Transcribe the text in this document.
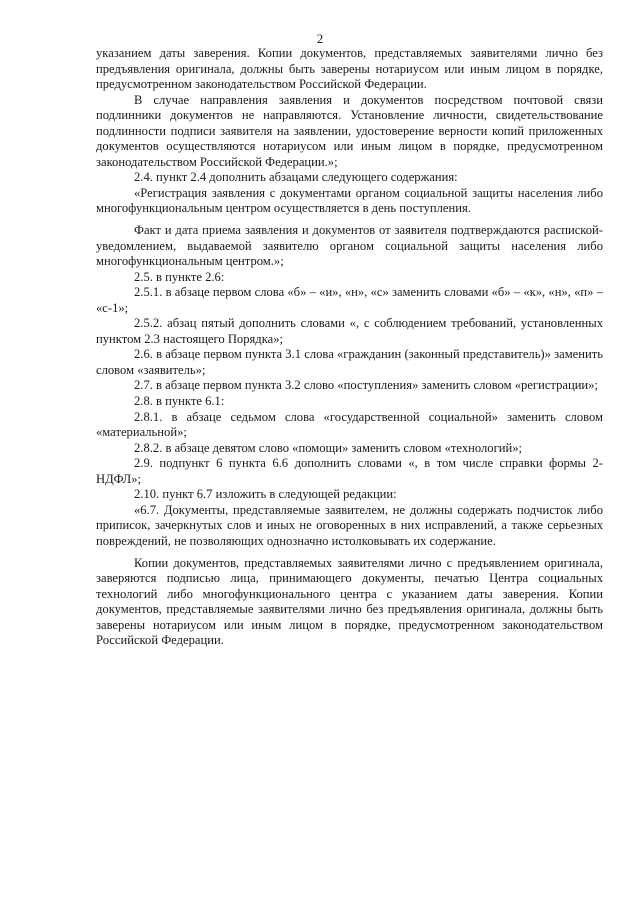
2

указанием даты заверения. Копии документов, представляемых заявителями лично без предъявления оригинала, должны быть заверены нотариусом или иным лицом в порядке, предусмотренном законодательством Российской Федерации.

В случае направления заявления и документов посредством почтовой связи подлинники документов не направляются. Установление личности, свидетельствование подлинности подписи заявителя на заявлении, удостоверение верности копий приложенных документов осуществляются нотариусом или иным лицом в порядке, предусмотренном законодательством Российской Федерации.»;

2.4. пункт 2.4 дополнить абзацами следующего содержания:

«Регистрация заявления с документами органом социальной защиты населения либо многофункциональным центром осуществляется в день поступления.

Факт и дата приема заявления и документов от заявителя подтверждаются распиской-уведомлением, выдаваемой заявителю органом социальной защиты населения либо многофункциональным центром.»;

2.5. в пункте 2.6:

2.5.1. в абзаце первом слова «б» – «и», «н», «с» заменить словами «б» – «к», «н», «п» – «с-1»;

2.5.2. абзац пятый дополнить словами «, с соблюдением требований, установленных пунктом 2.3 настоящего Порядка»;

2.6. в абзаце первом пункта 3.1 слова «гражданин (законный представитель)» заменить словом «заявитель»;

2.7. в абзаце первом пункта 3.2 слово «поступления» заменить словом «регистрации»;

2.8. в пункте 6.1:

2.8.1. в абзаце седьмом слова «государственной социальной» заменить словом «материальной»;

2.8.2. в абзаце девятом слово «помощи» заменить словом «технологий»;

2.9. подпункт 6 пункта 6.6 дополнить словами «, в том числе справки формы 2-НДФЛ»;

2.10. пункт 6.7 изложить в следующей редакции:

«6.7. Документы, представляемые заявителем, не должны содержать подчисток либо приписок, зачеркнутых слов и иных не оговоренных в них исправлений, а также серьезных повреждений, не позволяющих однозначно истолковывать их содержание.

Копии документов, представляемых заявителями лично с предъявлением оригинала, заверяются подписью лица, принимающего документы, печатью Центра социальных технологий либо многофункционального центра с указанием даты заверения. Копии документов, представляемые заявителями лично без предъявления оригинала, должны быть заверены нотариусом или иным лицом в порядке, предусмотренном законодательством Российской Федерации.
